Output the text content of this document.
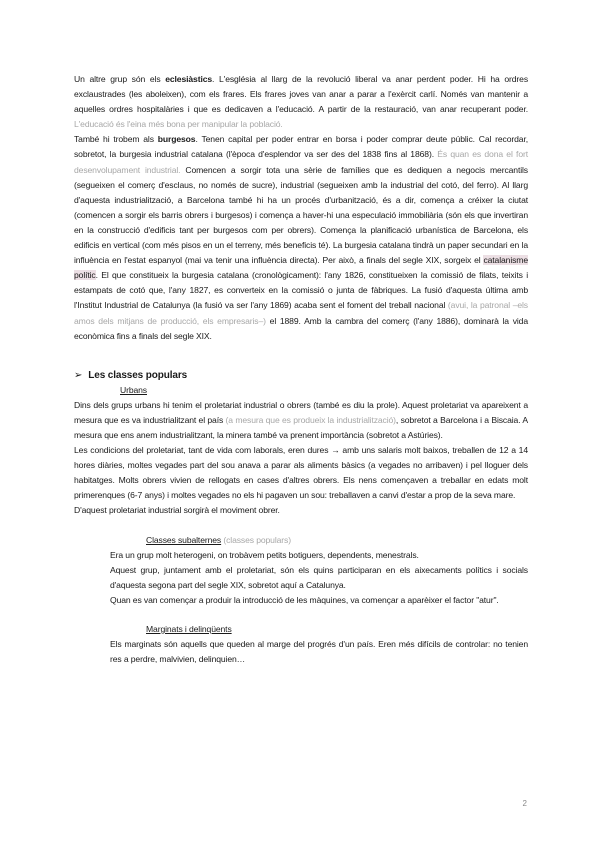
Un altre grup són els eclesiàstics. L'església al llarg de la revolució liberal va anar perdent poder. Hi ha ordres exclaustrades (les aboleixen), com els frares. Els frares joves van anar a parar a l'exèrcit carlí. Només van mantenir a aquelles ordres hospitalàries i que es dedicaven a l'educació. A partir de la restauració, van anar recuperant poder. L'educació és l'eina més bona per manipular la població.

També hi trobem als burgesos. Tenen capital per poder entrar en borsa i poder comprar deute públic. Cal recordar, sobretot, la burgesia industrial catalana (l'època d'esplendor va ser des del 1838 fins al 1868). És quan es dona el fort desenvolupament industrial. Comencen a sorgir tota una sèrie de famílies que es dediquen a negocis mercantils (segueixen el comerç d'esclaus, no només de sucre), industrial (segueixen amb la industrial del cotó, del ferro). Al llarg d'aquesta industrialització, a Barcelona també hi ha un procés d'urbanització, és a dir, comença a créixer la ciutat (comencen a sorgir els barris obrers i burgesos) i comença a haver-hi una especulació immobiliària (són els que invertiran en la construcció d'edificis tant per burgesos com per obrers). Comença la planificació urbanística de Barcelona, els edificis en vertical (com més pisos en un el terreny, més beneficis té). La burgesia catalana tindrà un paper secundari en la influència en l'estat espanyol (mai va tenir una influència directa). Per això, a finals del segle XIX, sorgeix el catalanisme polític. El que constitueix la burgesia catalana (cronològicament): l'any 1826, constitueixen la comissió de filats, teixits i estampats de cotó que, l'any 1827, es converteix en la comissió o junta de fàbriques. La fusió d'aquesta última amb l'Institut Industrial de Catalunya (la fusió va ser l'any 1869) acaba sent el foment del treball nacional (avui, la patronal –els amos dels mitjans de producció, els empresaris–) el 1889. Amb la cambra del comerç (l'any 1886), dominarà la vida econòmica fins a finals del segle XIX.

➢ Les classes populars
Urbans

Dins dels grups urbans hi tenim el proletariat industrial o obrers (també es diu la prole). Aquest proletariat va apareixent a mesura que es va industrialitzant el país (a mesura que es produeix la industrialització), sobretot a Barcelona i a Biscaia. A mesura que ens anem industrialitzant, la minera també va prenent importància (sobretot a Astúries).

Les condicions del proletariat, tant de vida com laborals, eren dures → amb uns salaris molt baixos, treballen de 12 a 14 hores diàries, moltes vegades part del sou anava a parar als aliments bàsics (a vegades no arribaven) i pel lloguer dels habitatges. Molts obrers vivien de rellogats en cases d'altres obrers. Els nens començaven a treballar en edats molt primerenques (6-7 anys) i moltes vegades no els hi pagaven un sou: treballaven a canvi d'estar a prop de la seva mare.

D'aquest proletariat industrial sorgirà el moviment obrer.

Classes subalternes (classes populars)

Era un grup molt heterogeni, on trobàvem petits botiguers, dependents, menestrals.

Aquest grup, juntament amb el proletariat, són els quins participaran en els aixecaments polítics i socials d'aquesta segona part del segle XIX, sobretot aquí a Catalunya.

Quan es van començar a produir la introducció de les màquines, va començar a aparèixer el factor "atur".

Marginats i delinqüents

Els marginats són aquells que queden al marge del progrés d'un país. Eren més difícils de controlar: no tenien res a perdre, malvivien, delinquien…

2
